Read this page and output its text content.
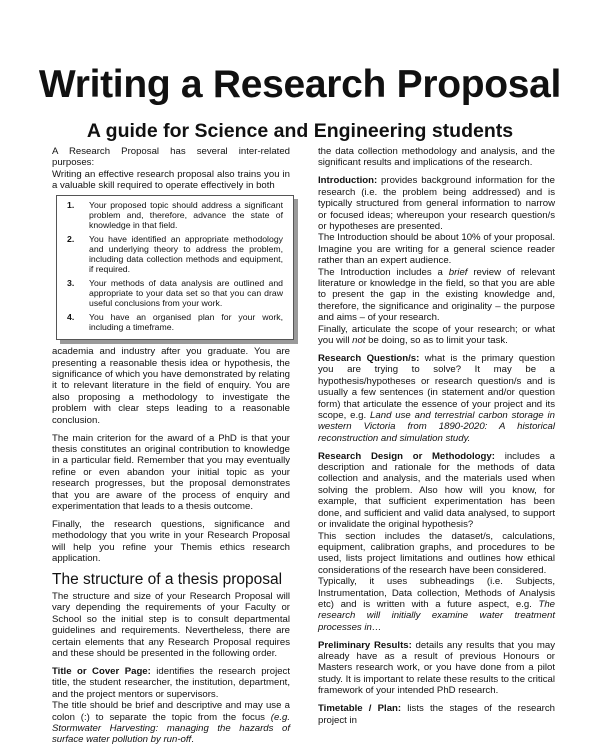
Writing a Research Proposal
A guide for Science and Engineering students

A Research Proposal has several inter-related purposes:

Writing an effective research proposal also trains you in a valuable skill required to operate effectively in both

1. Your proposed topic should address a significant problem and, therefore, advance the state of knowledge in that field.
2. You have identified an appropriate methodology and underlying theory to address the problem, including data collection methods and equipment, if required.
3. Your methods of data analysis are outlined and appropriate to your data set so that you can draw useful conclusions from your work.
4. You have an organised plan for your work, including a timeframe.

academia and industry after you graduate. You are presenting a reasonable thesis idea or hypothesis, the significance of which you have demonstrated by relating it to relevant literature in the field of enquiry. You are also proposing a methodology to investigate the problem with clear steps leading to a reasonable conclusion.

The main criterion for the award of a PhD is that your thesis constitutes an original contribution to knowledge in a particular field. Remember that you may eventually refine or even abandon your initial topic as your research progresses, but the proposal demonstrates that you are aware of the process of enquiry and experimentation that leads to a thesis outcome.

Finally, the research questions, significance and methodology that you write in your Research Proposal will help you refine your Themis ethics research application.

The structure of a thesis proposal

The structure and size of your Research Proposal will vary depending the requirements of your Faculty or School so the initial step is to consult departmental guidelines and requirements. Nevertheless, there are certain elements that any Research Proposal requires and these should be presented in the following order.

Title or Cover Page: identifies the research project title, the student researcher, the institution, department, and the project mentors or supervisors.

The title should be brief and descriptive and may use a colon (:) to separate the topic from the focus (e.g. Stormwater Harvesting: managing the hazards of surface water pollution by run-off.

the data collection methodology and analysis, and the significant results and implications of the research.

Introduction: provides background information for the research (i.e. the problem being addressed) and is typically structured from general information to narrow or focused ideas; whereupon your research question/s or hypotheses are presented.

The Introduction should be about 10% of your proposal. Imagine you are writing for a general science reader rather than an expert audience.

The Introduction includes a brief review of relevant literature or knowledge in the field, so that you are able to present the gap in the existing knowledge and, therefore, the significance and originality – the purpose and aims – of your research.

Finally, articulate the scope of your research; or what you will not be doing, so as to limit your task.

Research Question/s: what is the primary question you are trying to solve? It may be a hypothesis/hypotheses or research question/s and is usually a few sentences (in statement and/or question form) that articulate the essence of your project and its scope, e.g. Land use and terrestrial carbon storage in western Victoria from 1890-2020: A historical reconstruction and simulation study.

Research Design or Methodology: includes a description and rationale for the methods of data collection and analysis, and the materials used when solving the problem. Also how will you know, for example, that sufficient experimentation has been done, and sufficient and valid data analysed, to support or invalidate the original hypothesis?

This section includes the dataset/s, calculations, equipment, calibration graphs, and procedures to be used, lists project limitations and outlines how ethical considerations of the research have been considered.

Typically, it uses subheadings (i.e. Subjects, Instrumentation, Data collection, Methods of Analysis etc) and is written with a future aspect, e.g. The research will initially examine water treatment processes in…

Preliminary Results: details any results that you may already have as a result of previous Honours or Masters research work, or you have done from a pilot study. It is important to relate these results to the critical framework of your intended PhD research.

Timetable / Plan: lists the stages of the research project in
